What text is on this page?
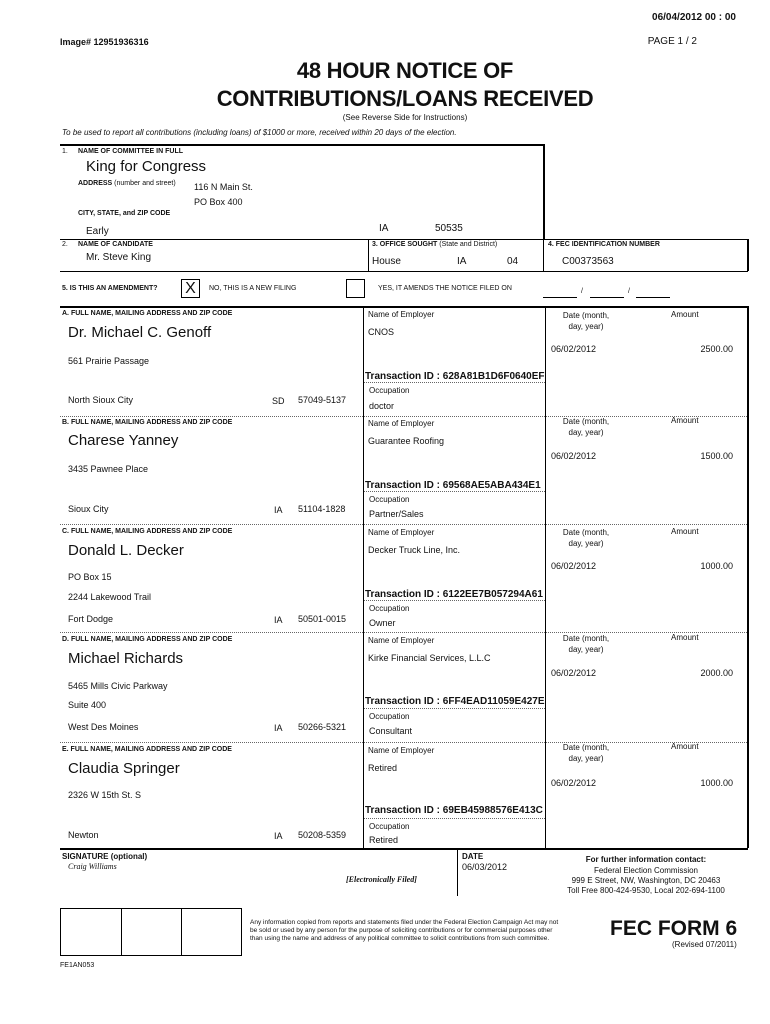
06/04/2012 00 : 00
Image# 12951936316	PAGE 1 / 2
48 HOUR NOTICE OF
CONTRIBUTIONS/LOANS RECEIVED
(See Reverse Side for Instructions)
To be used to report all contributions (including loans) of $1000 or more, received within 20 days of the election.
1. NAME OF COMMITTEE IN FULL
King for Congress
ADDRESS (number and street) 116 N Main St.
PO Box 400
CITY, STATE, and ZIP CODE
Early	IA	50535
2. NAME OF CANDIDATE
Mr. Steve King
3. OFFICE SOUGHT (State and District)
House	IA	04
4. FEC IDENTIFICATION NUMBER
C00373563
5. IS THIS AN AMENDMENT? X	NO, THIS IS A NEW FILING	YES, IT AMENDS THE NOTICE FILED ON	/	/
A. FULL NAME, MAILING ADDRESS AND ZIP CODE
Dr. Michael C. Genoff
561 Prairie Passage
North Sioux City	SD 57049-5137
Name of Employer
CNOS
Transaction ID : 628A81B1D6F0640EF
Occupation
doctor
Date (month, day, year)
Amount
06/02/2012	2500.00
B. FULL NAME, MAILING ADDRESS AND ZIP CODE
Charese Yanney
3435 Pawnee Place
Sioux City	IA 51104-1828
Name of Employer
Guarantee Roofing
Transaction ID : 69568AE5ABA434E1
Occupation
Partner/Sales
Date (month, day, year)
Amount
06/02/2012	1500.00
C. FULL NAME, MAILING ADDRESS AND ZIP CODE
Donald L. Decker
PO Box 15
2244 Lakewood Trail
Fort Dodge	IA 50501-0015
Name of Employer
Decker Truck Line, Inc.
Transaction ID : 6122EE7B057294A61
Occupation
Owner
Date (month, day, year)
Amount
06/02/2012	1000.00
D. FULL NAME, MAILING ADDRESS AND ZIP CODE
Michael Richards
5465 Mills Civic Parkway
Suite 400
West Des Moines	IA 50266-5321
Name of Employer
Kirke Financial Services, L.L.C
Transaction ID : 6FF4EAD11059E427E
Occupation
Consultant
Date (month, day, year)
Amount
06/02/2012	2000.00
E. FULL NAME, MAILING ADDRESS AND ZIP CODE
Claudia Springer
2326 W 15th St. S
Newton	IA 50208-5359
Name of Employer
Retired
Transaction ID : 69EB45988576E413C
Occupation
Retired
Date (month, day, year)
Amount
06/02/2012	1000.00
SIGNATURE (optional)
Craig Williams
[Electronically Filed]
DATE
06/03/2012
For further information contact:
Federal Election Commission
999 E Street, NW, Washington, DC 20463
Toll Free 800-424-9530, Local 202-694-1100
Any information copied from reports and statements filed under the Federal Election Campaign Act may not
be sold or used by any person for the purpose of soliciting contributions or for commercial purposes other
than using the name and address of any political committee to solicit contributions from such committee.	FEC FORM 6
(Revised 07/2011)
FE1AN053
